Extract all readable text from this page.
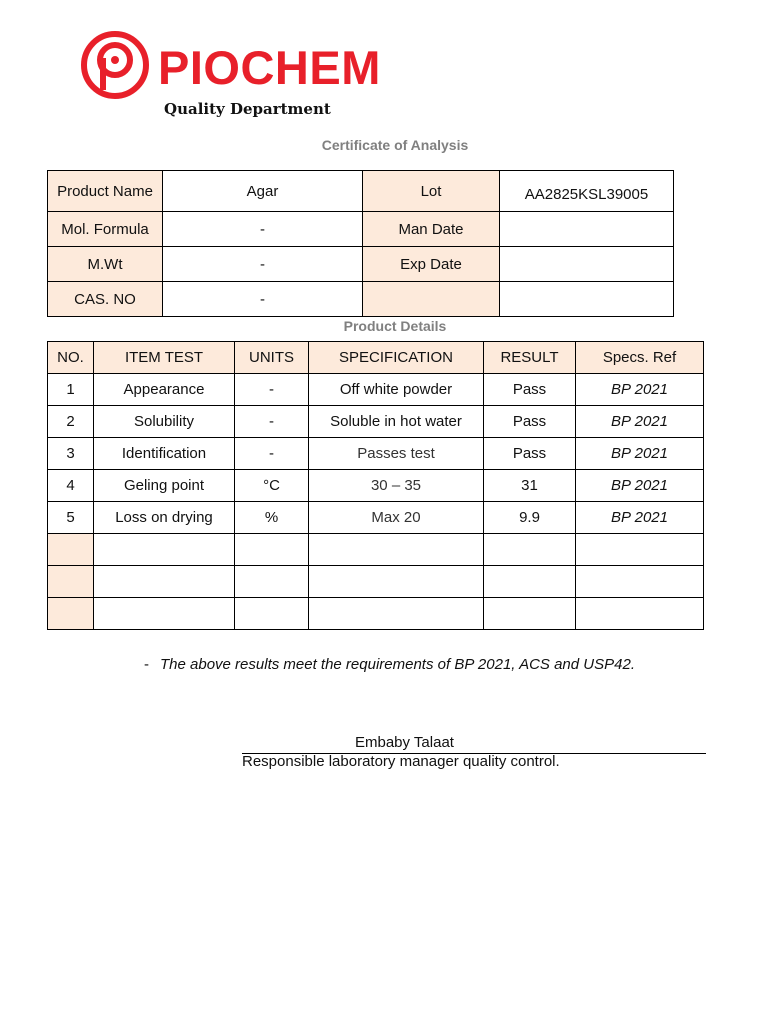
PIOCHEM
Quality Department
Certificate of Analysis
Product Name	Agar	Lot	AA2825KSL39005
Mol. Formula	-	Man Date	
M.Wt	-	Exp Date	
CAS. NO	-		
Product Details
NO.	ITEM TEST	UNITS	SPECIFICATION	RESULT	Specs. Ref
1	Appearance	-	Off white powder	Pass	BP 2021
2	Solubility	-	Soluble in hot water	Pass	BP 2021
3	Identification	-	Passes test	Pass	BP 2021
4	Geling point	°C	30 – 35	31	BP 2021
5	Loss on drying	%	Max 20	9.9	BP 2021

- The above results meet the requirements of BP 2021, ACS and USP42.
Embaby Talaat
Responsible laboratory manager quality control.
